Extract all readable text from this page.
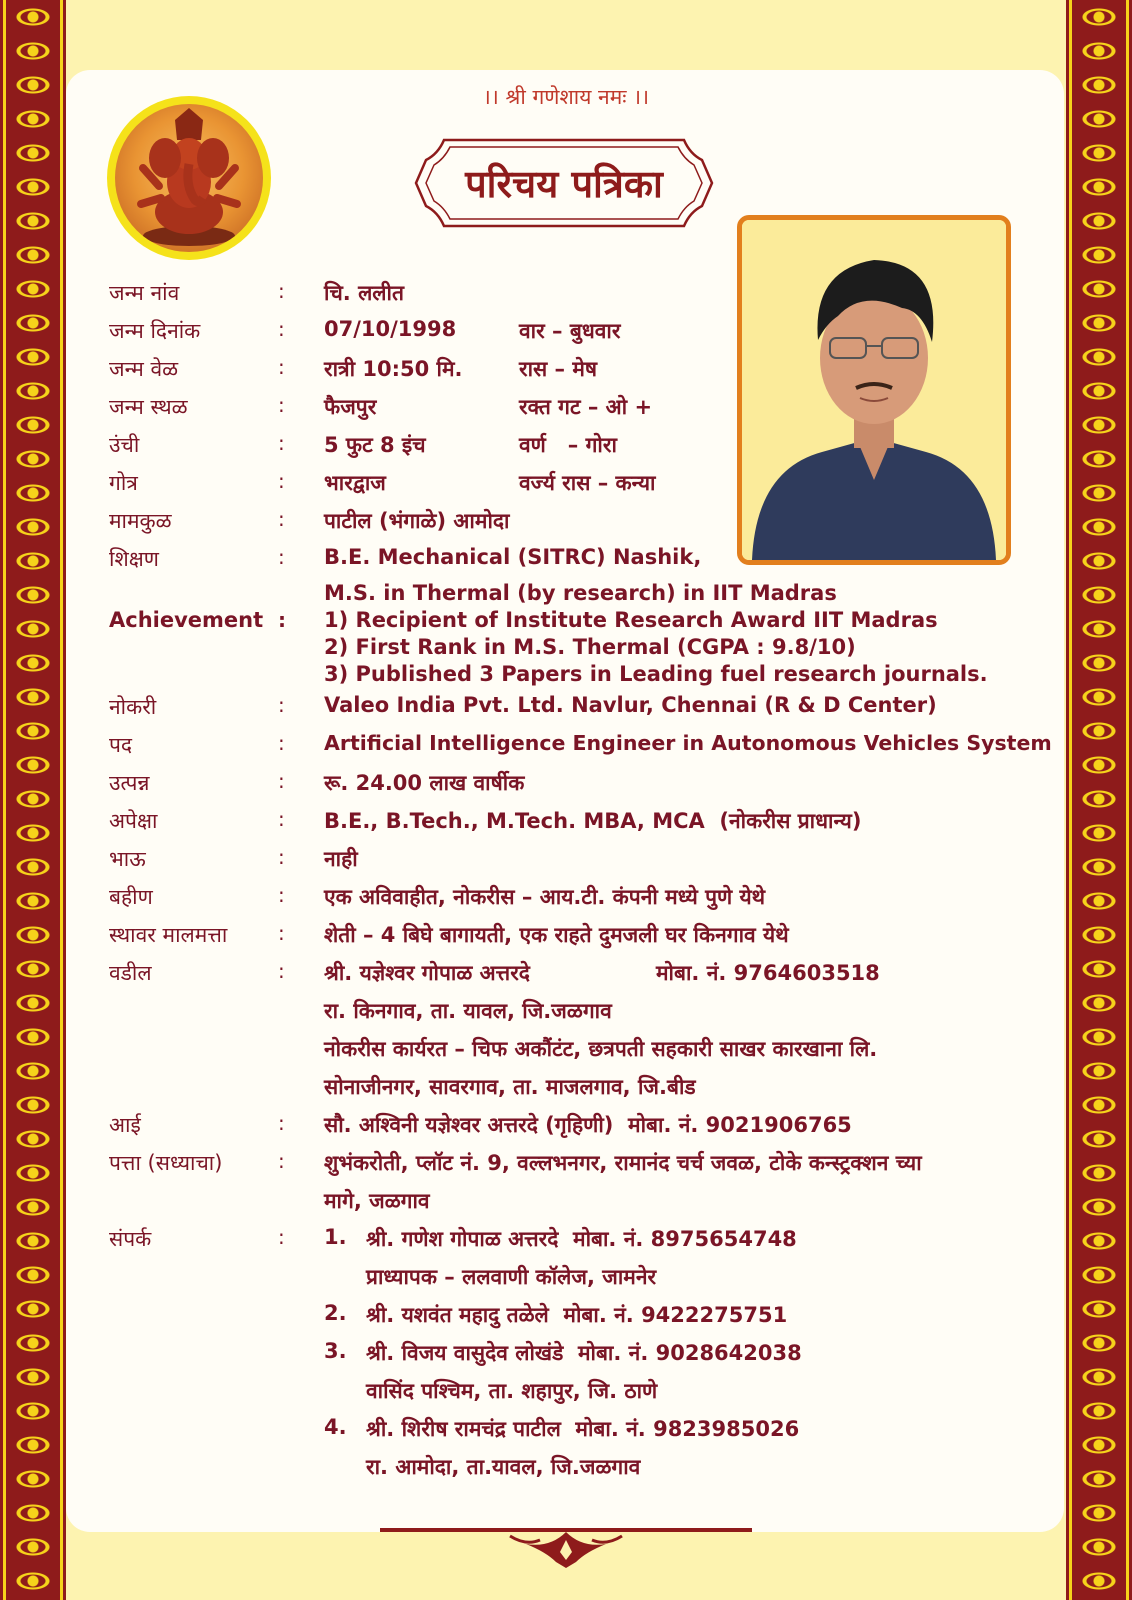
।। श्री गणेशाय नमः ।।
परिचय पत्रिका
जन्म नांव	: चि. ललीत
जन्म दिनांक	: 07/10/1998	वार – बुधवार
जन्म वेळ	: रात्री 10:50 मि.	रास – मेष
जन्म स्थळ	: फैजपुर	रक्त गट – ओ +
उंची	: 5 फुट 8 इंच	वर्ण   – गोरा
गोत्र	: भारद्वाज	वर्ज्य रास – कन्या
मामकुळ	: पाटील (भंगाळे) आमोदा
शिक्षण	: B.E. Mechanical (SITRC) Nashik,
M.S. in Thermal (by research) in IIT Madras
Achievement : 1) Recipient of Institute Research Award IIT Madras
2) First Rank in M.S. Thermal (CGPA : 9.8/10)
3) Published 3 Papers in Leading fuel research journals.
नोकरी	: Valeo India Pvt. Ltd. Navlur, Chennai (R & D Center)
पद	: Artificial Intelligence Engineer in Autonomous Vehicles System
उत्पन्न	: रू. 24.00 लाख वार्षीक
अपेक्षा	: B.E., B.Tech., M.Tech. MBA, MCA  (नोकरीस प्राधान्य)
भाऊ	: नाही
बहीण	: एक अविवाहीत, नोकरीस – आय.टी. कंपनी मध्ये पुणे येथे
स्थावर मालमत्ता	: शेती – 4 बिघे बागायती, एक राहते दुमजली घर किनगाव येथे
वडील	: श्री. यज्ञेश्वर गोपाळ अत्तरदे	मोबा. नं. 9764603518
रा. किनगाव, ता. यावल, जि.जळगाव
नोकरीस कार्यरत – चिफ अकौंटंट, छत्रपती सहकारी साखर कारखाना लि.
सोनाजीनगर, सावरगाव, ता. माजलगाव, जि.बीड
आई	: सौ. अश्विनी यज्ञेश्वर अत्तरदे (गृहिणी)  मोबा. नं. 9021906765
पत्ता (सध्याचा)	: शुभंकरोती, प्लॉट नं. 9, वल्लभनगर, रामानंद चर्च जवळ, टोके कन्स्ट्रक्शन च्या
मागे, जळगाव
संपर्क	: 1. श्री. गणेश गोपाळ अत्तरदे  मोबा. नं. 8975654748
प्राध्यापक – ललवाणी कॉलेज, जामनेर
2. श्री. यशवंत महादु तळेले  मोबा. नं. 9422275751
3. श्री. विजय वासुदेव लोखंडे  मोबा. नं. 9028642038
वासिंद पश्चिम, ता. शहापुर, जि. ठाणे
4. श्री. शिरीष रामचंद्र पाटील  मोबा. नं. 9823985026
रा. आमोदा, ता.यावल, जि.जळगाव
